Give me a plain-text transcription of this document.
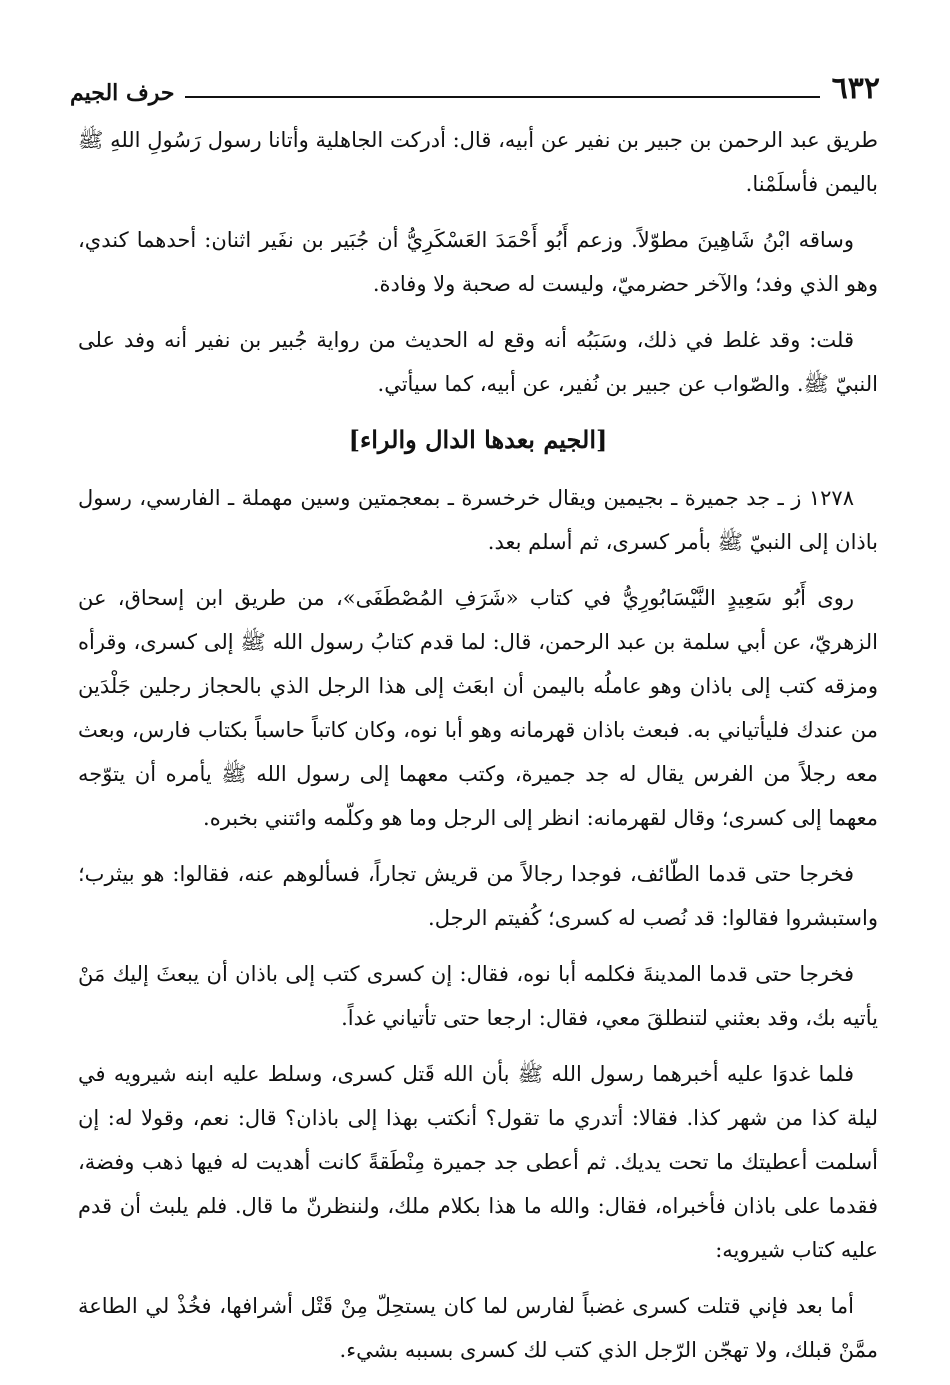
٦٣٢
حرف الجيم

طريق عبد الرحمن بن جبير بن نفير عن أبيه، قال: أدركت الجاهلية وأتانا رسول رَسُولِ اللهِ ﷺ باليمن فأسلَمْنا.

وساقه ابْنُ شَاهِينَ مطوّلاً. وزعم أَبُو أَحْمَدَ العَسْكَرِيُّ أن جُبَير بن نفَير اثنان: أحدهما كندي، وهو الذي وفد؛ والآخر حضرميّ، وليست له صحبة ولا وفادة.

قلت: وقد غلط في ذلك، وسَبَبُه أنه وقع له الحديث من رواية جُبير بن نفير أنه وفد على النبيّ ﷺ. والصّواب عن جبير بن نُفير، عن أبيه، كما سيأتي.

[الجيم بعدها الدال والراء]

١٢٧٨ ز ـ جد جميرة ـ بجيمين ويقال خرخسرة ـ بمعجمتين وسين مهملة ـ الفارسي، رسول باذان إلى النبيّ ﷺ بأمر كسرى، ثم أسلم بعد.

روى أَبُو سَعِيدٍ النَّيْسَابُورِيُّ في كتاب «شَرَفِ المُصْطَفَى»، من طريق ابن إسحاق، عن الزهريّ، عن أبي سلمة بن عبد الرحمن، قال: لما قدم كتابُ رسول الله ﷺ إلى كسرى، وقرأه ومزقه كتب إلى باذان وهو عاملُه باليمن أن ابعَث إلى هذا الرجل الذي بالحجاز رجلين جَلْدَين من عندك فليأتياني به. فبعث باذان قهرمانه وهو أبا نوه، وكان كاتباً حاسباً بكتاب فارس، وبعث معه رجلاً من الفرس يقال له جد جميرة، وكتب معهما إلى رسول الله ﷺ يأمره أن يتوّجه معهما إلى كسرى؛ وقال لقهرمانه: انظر إلى الرجل وما هو وكلّمه وائتني بخبره.

فخرجا حتى قدما الطّائف، فوجدا رجالاً من قريش تجاراً، فسألوهم عنه، فقالوا: هو بيثرب؛ واستبشروا فقالوا: قد نُصب له كسرى؛ كُفيتم الرجل.

فخرجا حتى قدما المدينةَ فكلمه أبا نوه، فقال: إن كسرى كتب إلى باذان أن يبعثَ إليك مَنْ يأتيه بك، وقد بعثني لتنطلقَ معي، فقال: ارجعا حتى تأتياني غداً.

فلما غدوَا عليه أخبرهما رسول الله ﷺ بأن الله قَتل كسرى، وسلط عليه ابنه شيرويه في ليلة كذا من شهر كذا. فقالا: أتدري ما تقول؟ أنكتب بهذا إلى باذان؟ قال: نعم، وقولا له: إن أسلمت أعطيتك ما تحت يديك. ثم أعطى جد جميرة مِنْطَقةً كانت أهديت له فيها ذهب وفضة، فقدما على باذان فأخبراه، فقال: والله ما هذا بكلام ملك، ولننظرنّ ما قال. فلم يلبث أن قدم عليه كتاب شيرويه:

أما بعد فإني قتلت كسرى غضباً لفارس لما كان يستحِلّ مِنْ قَتْل أشرافها، فخُذْ لي الطاعة ممَّنْ قبلك، ولا تهجّن الرّجل الذي كتب لك كسرى بسببه بشيء.
